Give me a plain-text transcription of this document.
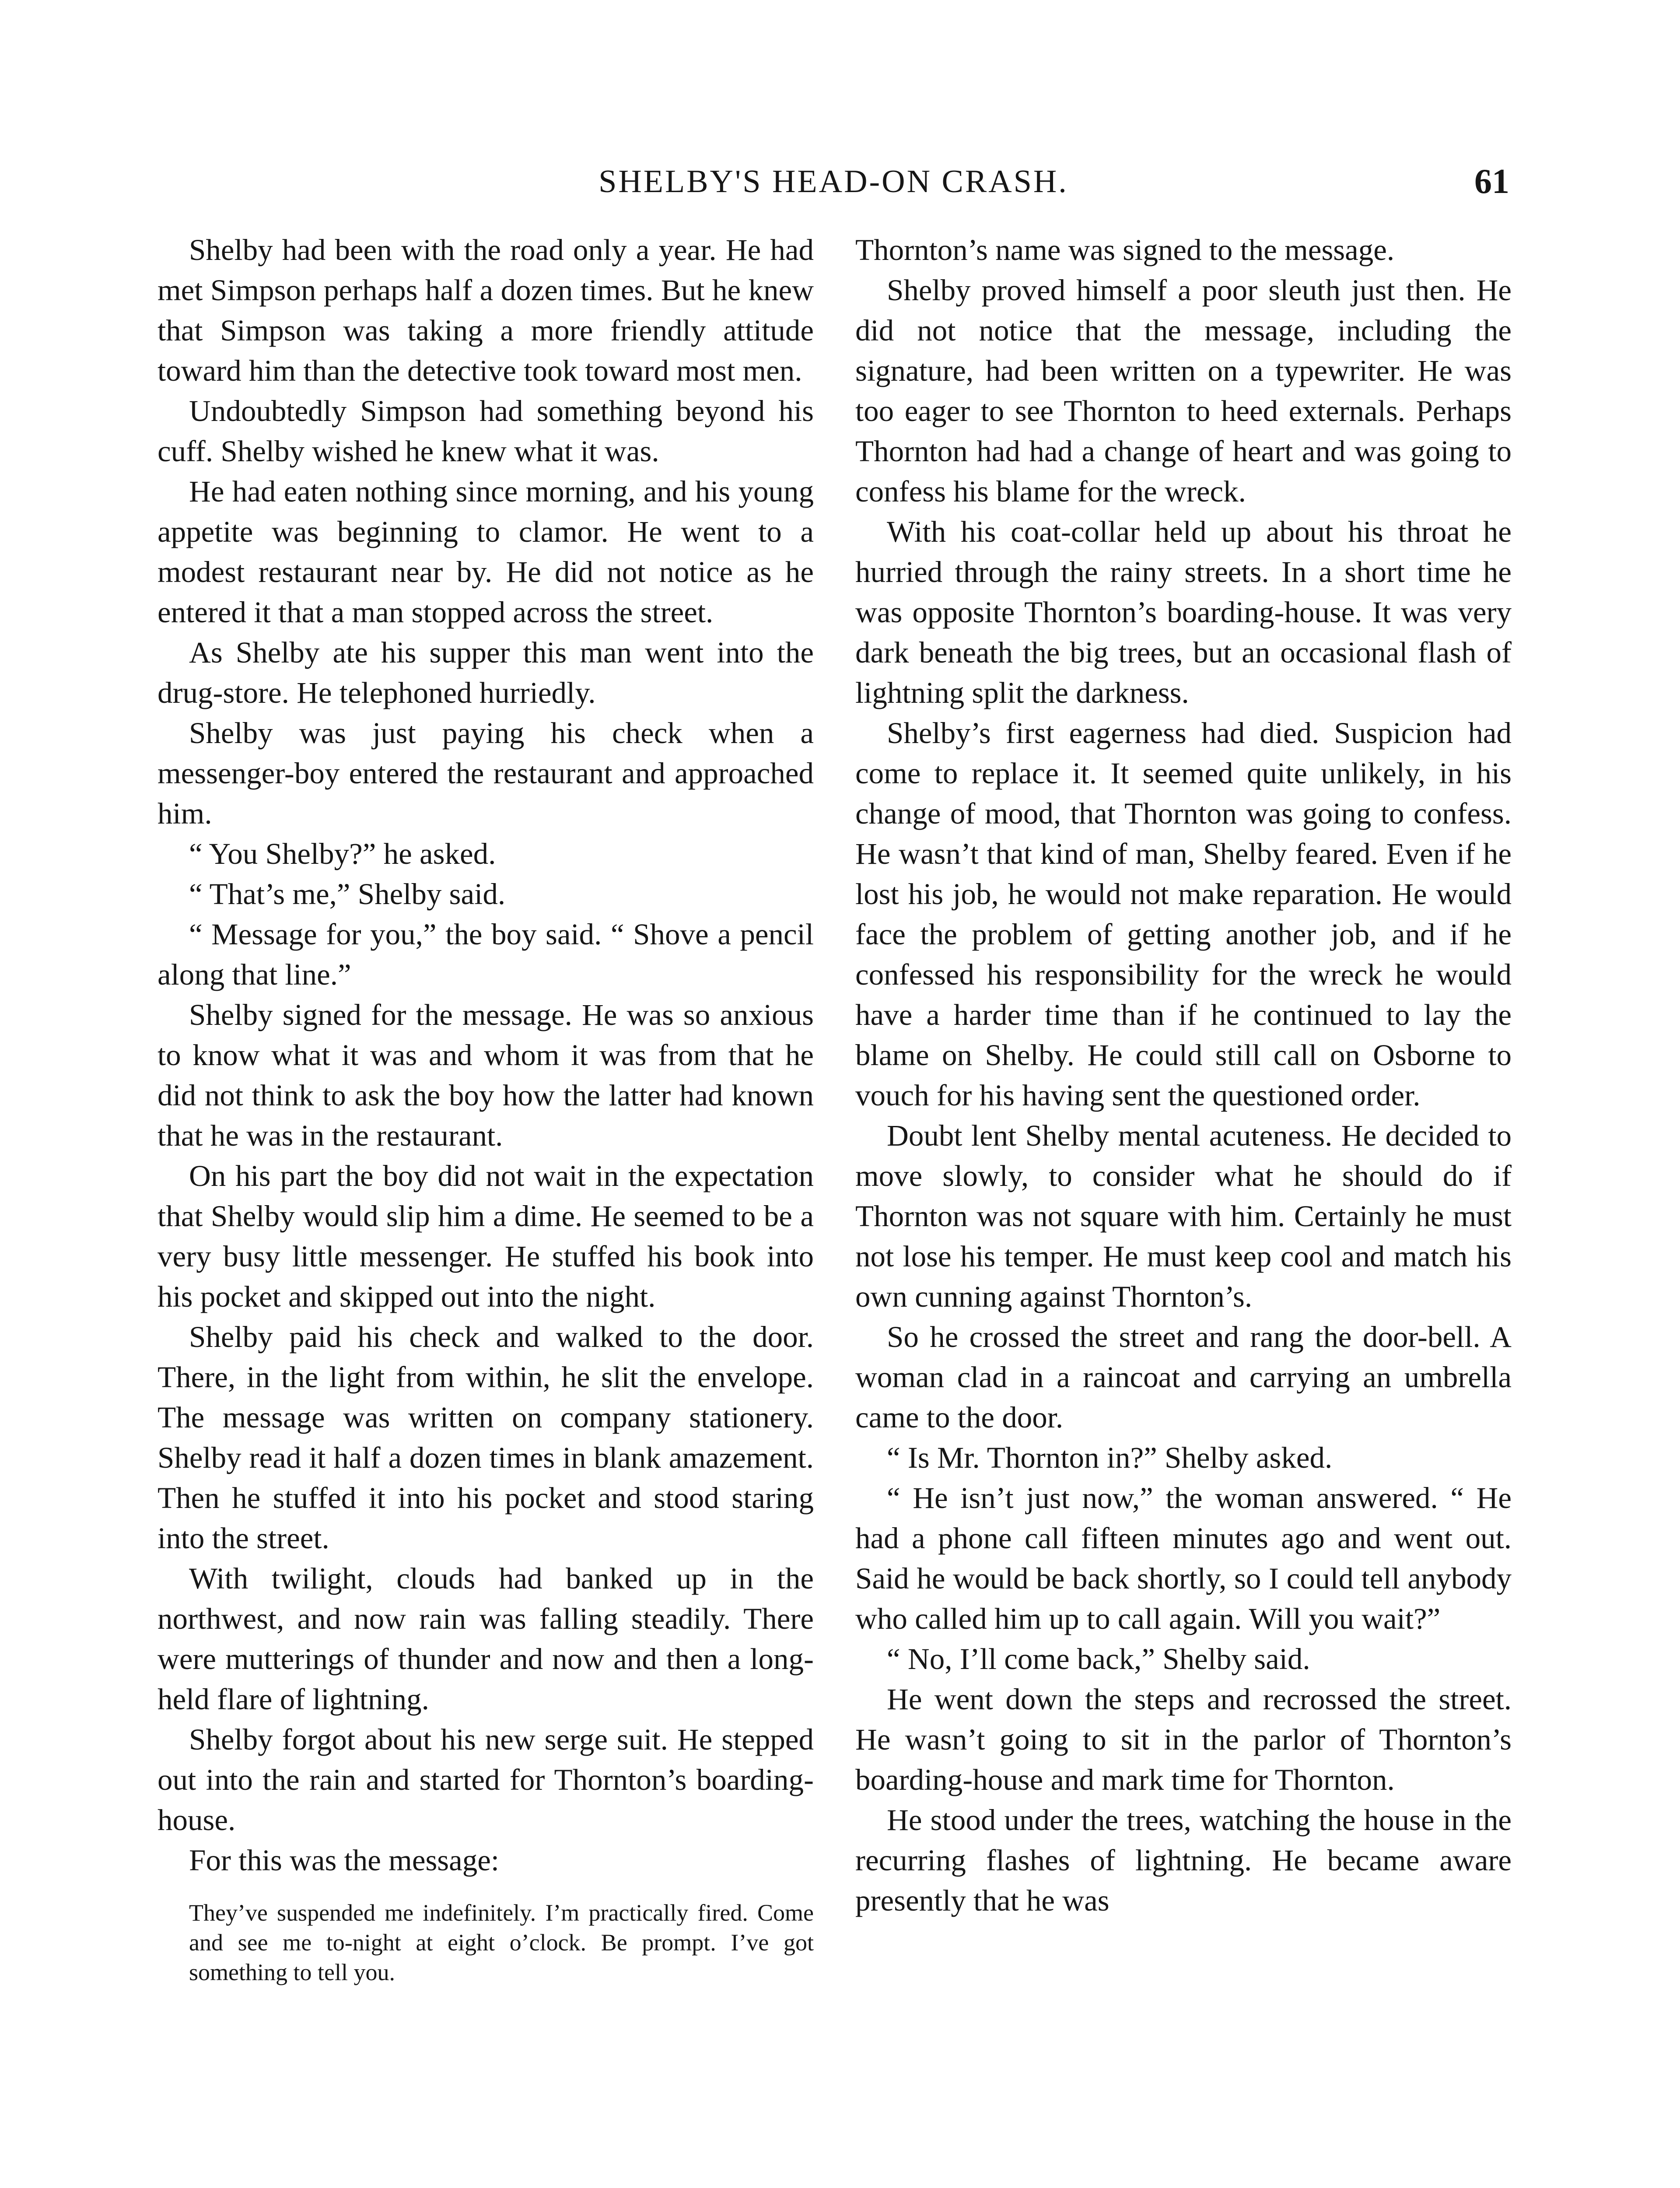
SHELBY'S HEAD-ON CRASH.	61

Shelby had been with the road only a year. He had met Simpson perhaps half a dozen times. But he knew that Simpson was taking a more friendly attitude toward him than the detective took toward most men.

Undoubtedly Simpson had something beyond his cuff. Shelby wished he knew what it was.

He had eaten nothing since morning, and his young appetite was beginning to clamor. He went to a modest restaurant near by. He did not notice as he entered it that a man stopped across the street.

As Shelby ate his supper this man went into the drug-store. He telephoned hurriedly.

Shelby was just paying his check when a messenger-boy entered the restaurant and approached him.

“ You Shelby?” he asked.

“ That’s me,” Shelby said.

“ Message for you,” the boy said. “ Shove a pencil along that line.”

Shelby signed for the message. He was so anxious to know what it was and whom it was from that he did not think to ask the boy how the latter had known that he was in the restaurant.

On his part the boy did not wait in the expectation that Shelby would slip him a dime. He seemed to be a very busy little messenger. He stuffed his book into his pocket and skipped out into the night.

Shelby paid his check and walked to the door. There, in the light from within, he slit the envelope. The message was written on company stationery. Shelby read it half a dozen times in blank amazement. Then he stuffed it into his pocket and stood staring into the street.

With twilight, clouds had banked up in the northwest, and now rain was falling steadily. There were mutterings of thunder and now and then a long-held flare of lightning.

Shelby forgot about his new serge suit. He stepped out into the rain and started for Thornton’s boarding-house.

For this was the message:

They’ve suspended me indefinitely. I’m practically fired. Come and see me to-night at eight o’clock. Be prompt. I’ve got something to tell you.

Thornton’s name was signed to the message.

Shelby proved himself a poor sleuth just then. He did not notice that the message, including the signature, had been written on a typewriter. He was too eager to see Thornton to heed externals. Perhaps Thornton had had a change of heart and was going to confess his blame for the wreck.

With his coat-collar held up about his throat he hurried through the rainy streets. In a short time he was opposite Thornton’s boarding-house. It was very dark beneath the big trees, but an occasional flash of lightning split the darkness.

Shelby’s first eagerness had died. Suspicion had come to replace it. It seemed quite unlikely, in his change of mood, that Thornton was going to confess. He wasn’t that kind of man, Shelby feared. Even if he lost his job, he would not make reparation. He would face the problem of getting another job, and if he confessed his responsibility for the wreck he would have a harder time than if he continued to lay the blame on Shelby. He could still call on Osborne to vouch for his having sent the questioned order.

Doubt lent Shelby mental acuteness. He decided to move slowly, to consider what he should do if Thornton was not square with him. Certainly he must not lose his temper. He must keep cool and match his own cunning against Thornton’s.

So he crossed the street and rang the door-bell. A woman clad in a raincoat and carrying an umbrella came to the door.

“ Is Mr. Thornton in?” Shelby asked.

“ He isn’t just now,” the woman answered. “ He had a phone call fifteen minutes ago and went out. Said he would be back shortly, so I could tell anybody who called him up to call again. Will you wait?”

“ No, I’ll come back,” Shelby said.

He went down the steps and recrossed the street. He wasn’t going to sit in the parlor of Thornton’s boarding-house and mark time for Thornton.

He stood under the trees, watching the house in the recurring flashes of lightning. He became aware presently that he was
